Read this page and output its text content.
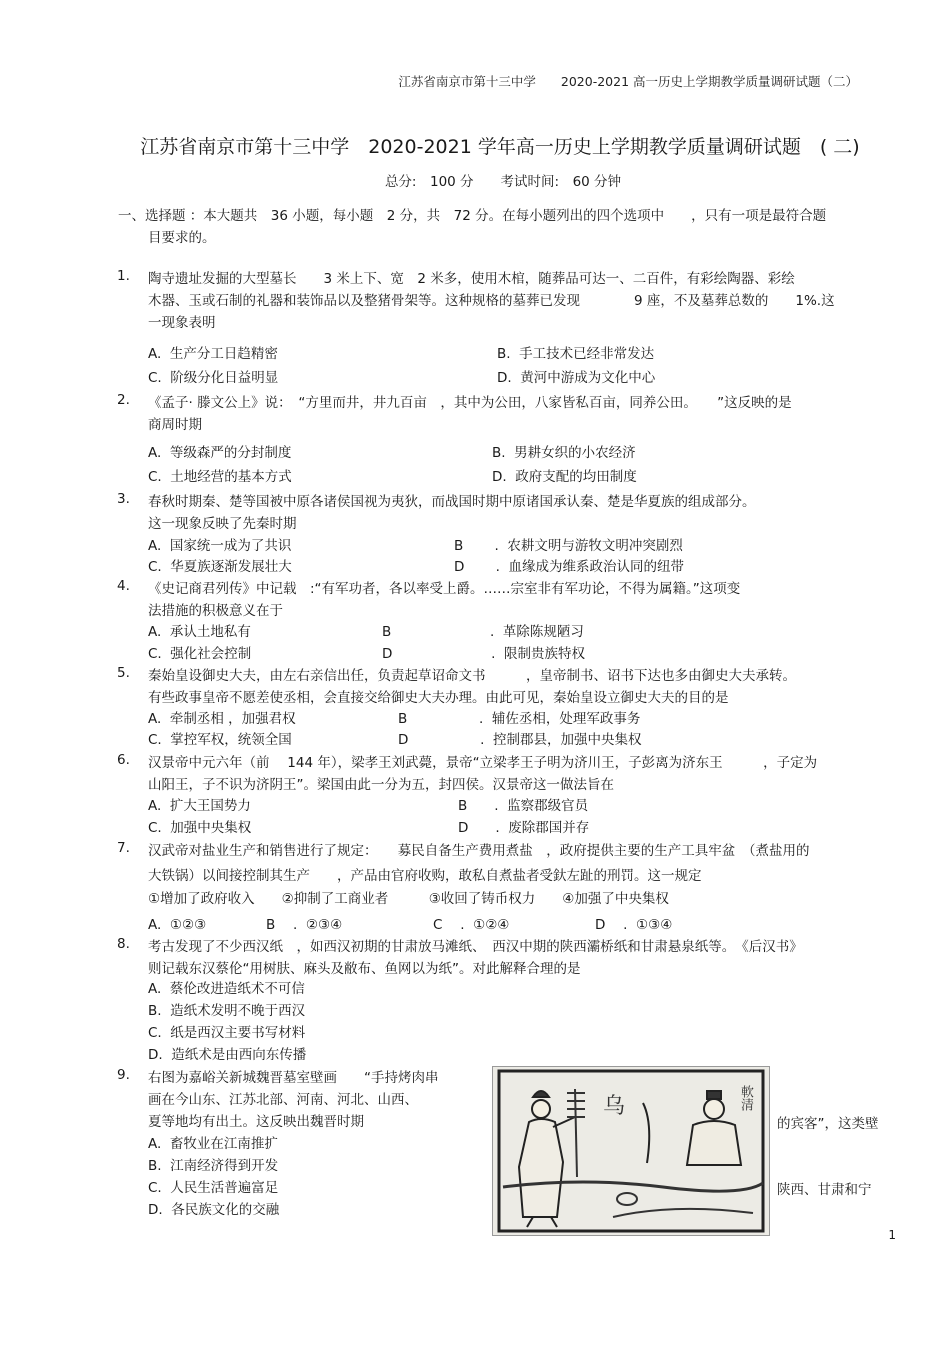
江苏省南京市第十三中学　　2020-2021 高一历史上学期教学质量调研试题（二）
江苏省南京市第十三中学　2020-2021 学年高一历史上学期教学质量调研试题　( 二)
总分:　100 分　　考试时间:　60 分钟
一、选择题 ：本大题共　36 小题，每小题　2 分，共　72 分。在每小题列出的四个选项中　　，只有一项是最符合题
目要求的。
1.	陶寺遗址发掘的大型墓长　　3 米上下、宽　2 米多，使用木棺，随葬品可达一、二百件，有彩绘陶器、彩绘
木器、玉或石制的礼器和装饰品以及整猪骨架等。这种规格的墓葬已发现　　　　9 座，不及墓葬总数的　　1%.这
一现象表明
A.  生产分工日趋精密	B.  手工技术已经非常发达
C.  阶级分化日益明显	D.  黄河中游成为文化中心
2.	《孟子· 滕文公上》说：　“方里而井，井九百亩　，其中为公田，八家皆私百亩，同养公田。　　”这反映的是
商周时期
A.  等级森严的分封制度	B.  男耕女织的小农经济
C.  土地经营的基本方式	D.  政府支配的均田制度
3.	春秋时期秦、楚等国被中原各诸侯国视为夷狄，而战国时期中原诸国承认秦、楚是华夏族的组成部分。
这一现象反映了先秦时期
A.  国家统一成为了共识	B　　 .  农耕文明与游牧文明冲突剧烈
C.  华夏族逐渐发展壮大	D　　 .  血缘成为维系政治认同的纽带
4.	《史记商君列传》中记载　:“有军功者，各以率受上爵。……宗室非有军功论，不得为属籍。”这项变
法措施的积极意义在于
A.  承认土地私有	B　　　　　　　 .  革除陈规陋习
C.  强化社会控制	D　　　　　　　 .  限制贵族特权
5.	秦始皇设御史大夫，由左右亲信出任，负责起草诏命文书　　　，皇帝制书、诏书下达也多由御史大夫承转。
有些政事皇帝不愿差使丞相，会直接交给御史大夫办理。由此可见，秦始皇设立御史大夫的目的是
A.  牵制丞相 ，加强君权	B　　　　　 .  辅佐丞相，处理军政事务
C.  掌控军权，统领全国	D　　　　　 .  控制郡县，加强中央集权
6.	汉景帝中元六年（前　 144 年），梁孝王刘武薨，景帝“立梁孝王子明为济川王，子彭离为济东王　　　，子定为
山阳王，子不识为济阴王”。梁国由此一分为五，封四侯。汉景帝这一做法旨在
A.  扩大王国势力	B　　.  监察郡级官员
C.  加强中央集权	D　　.  废除郡国并存
7.	汉武帝对盐业生产和销售进行了规定：　　募民自备生产费用煮盐　，政府提供主要的生产工具牢盆　（煮盐用的
大铁锅）以间接控制其生产　　，产品由官府收购，敢私自煮盐者受釱左趾的刑罚。这一规定
①增加了政府收入　　②抑制了工商业者　　　③收回了铸币权力　　④加强了中央集权
A.  ①②③	B　 .  ②③④	C　 .  ①②④	D　 .  ①③④
8.	考古发现了不少西汉纸　，如西汉初期的甘肃放马滩纸、　西汉中期的陕西灞桥纸和甘肃悬泉纸等。　《后汉书》
则记载东汉蔡伦“用树肤、麻头及敝布、鱼网以为纸”。对此解释合理的是
A.  蔡伦改进造纸术不可信
B.  造纸术发明不晚于西汉
C.  纸是西汉主要书写材料
D.  造纸术是由西向东传播
9.	右图为嘉峪关新城魏晋墓室壁画　　“手持烤肉串
画在今山东、江苏北部、河南、河北、山西、
夏等地均有出土。这反映出魏晋时期

	的宾客”，这类壁

陕西、甘肃和宁

A.  畜牧业在江南推扩
B.  江南经济得到开发
C.  人民生活普遍富足
D.  各民族文化的交融
乌	軟清
1
